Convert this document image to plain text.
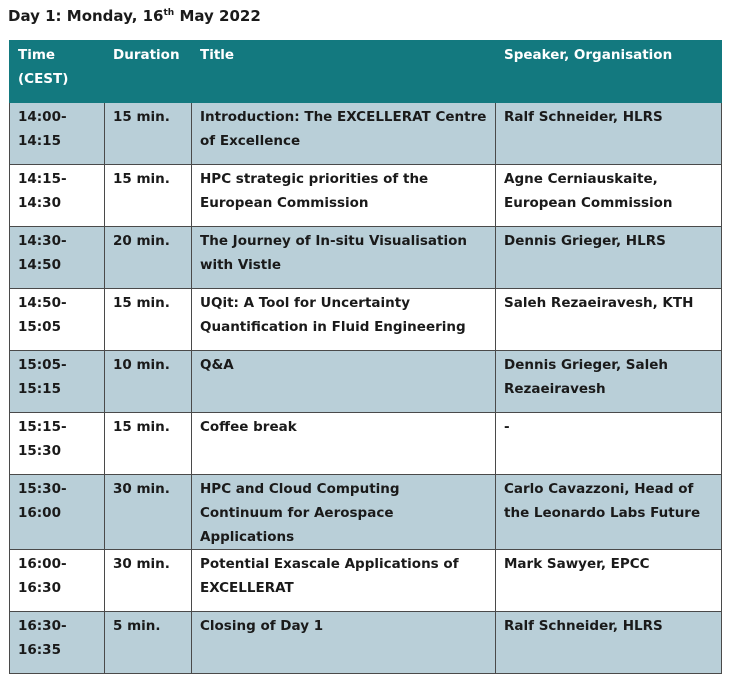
Day 1: Monday, 16th May 2022
Time (CEST)	Duration	Title	Speaker, Organisation
14:00-14:15	15 min.	Introduction: The EXCELLERAT Centre of Excellence	Ralf Schneider, HLRS
14:15-14:30	15 min.	HPC strategic priorities of the European Commission	Agne Cerniauskaite, European Commission
14:30-14:50	20 min.	The Journey of In-situ Visualisation with Vistle	Dennis Grieger, HLRS
14:50-15:05	15 min.	UQit: A Tool for Uncertainty Quantification in Fluid Engineering	Saleh Rezaeiravesh, KTH
15:05-15:15	10 min.	Q&A	Dennis Grieger, Saleh Rezaeiravesh
15:15-15:30	15 min.	Coffee break	-
15:30-16:00	30 min.	HPC and Cloud Computing Continuum for Aerospace Applications	Carlo Cavazzoni, Head of the Leonardo Labs Future
16:00-16:30	30 min.	Potential Exascale Applications of EXCELLERAT	Mark Sawyer, EPCC
16:30-16:35	5 min.	Closing of Day 1	Ralf Schneider, HLRS
